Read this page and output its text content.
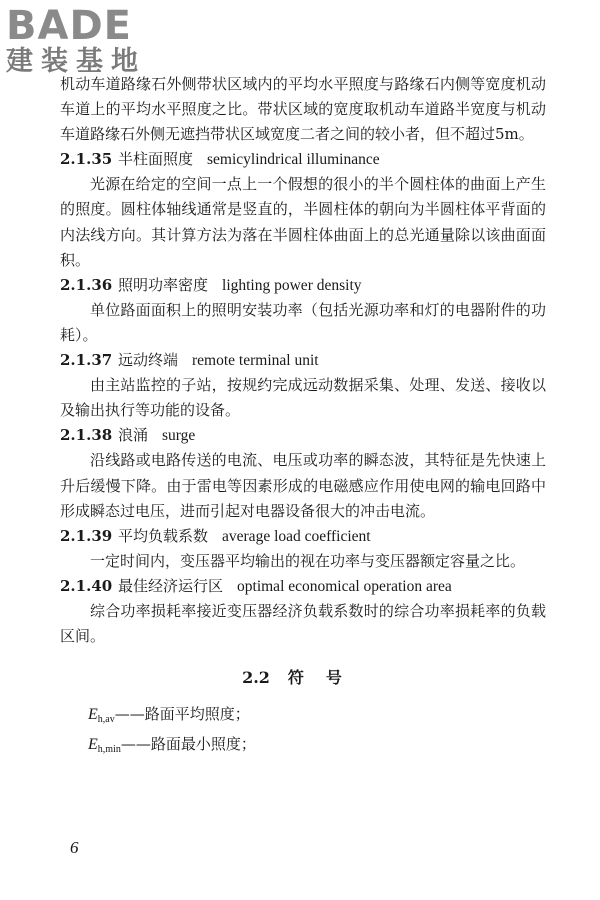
BADE
建装基地
机动车道路缘石外侧带状区域内的平均水平照度与路缘石内侧等宽度机动车道上的平均水平照度之比。带状区域的宽度取机动车道路半宽度与机动车道路缘石外侧无遮挡带状区域宽度二者之间的较小者，但不超过5m。
2.1.35 半柱面照度 semicylindrical illuminance
光源在给定的空间一点上一个假想的很小的半个圆柱体的曲面上产生的照度。圆柱体轴线通常是竖直的，半圆柱体的朝向为半圆柱体平背面的内法线方向。其计算方法为落在半圆柱体曲面上的总光通量除以该曲面面积。
2.1.36 照明功率密度 lighting power density
单位路面面积上的照明安装功率（包括光源功率和灯的电器附件的功耗）。
2.1.37 远动终端 remote terminal unit
由主站监控的子站，按规约完成远动数据采集、处理、发送、接收以及输出执行等功能的设备。
2.1.38 浪涌 surge
沿线路或电路传送的电流、电压或功率的瞬态波，其特征是先快速上升后缓慢下降。由于雷电等因素形成的电磁感应作用使电网的输电回路中形成瞬态过电压，进而引起对电器设备很大的冲击电流。
2.1.39 平均负载系数 average load coefficient
一定时间内，变压器平均输出的视在功率与变压器额定容量之比。
2.1.40 最佳经济运行区 optimal economical operation area
综合功率损耗率接近变压器经济负载系数时的综合功率损耗率的负载区间。
2.2 符号
$E_{h,av}——$路面平均照度；
$E_{h,min}——$路面最小照度；
6
